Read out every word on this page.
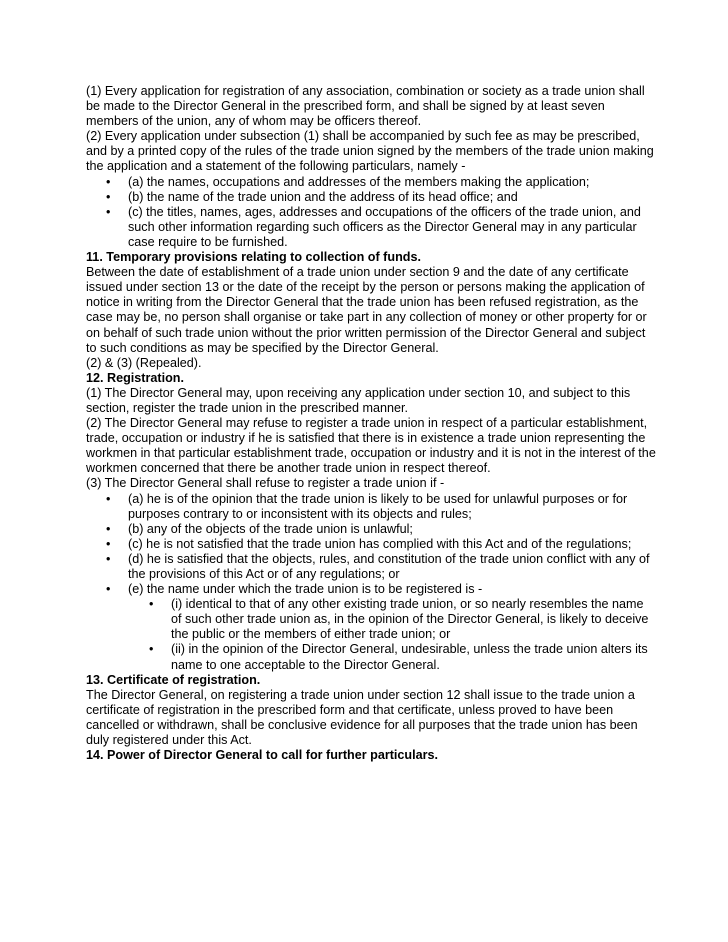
(1) Every application for registration of any association, combination or society as a trade union shall be made to the Director General in the prescribed form, and shall be signed by at least seven members of the union, any of whom may be officers thereof.

(2) Every application under subsection (1) shall be accompanied by such fee as may be prescribed, and by a printed copy of the rules of the trade union signed by the members of the trade union making the application and a statement of the following particulars, namely -

• (a) the names, occupations and addresses of the members making the application;
• (b) the name of the trade union and the address of its head office; and
• (c) the titles, names, ages, addresses and occupations of the officers of the trade union, and such other information regarding such officers as the Director General may in any particular case require to be furnished.

11. Temporary provisions relating to collection of funds.

Between the date of establishment of a trade union under section 9 and the date of any certificate issued under section 13 or the date of the receipt by the person or persons making the application of notice in writing from the Director General that the trade union has been refused registration, as the case may be, no person shall organise or take part in any collection of money or other property for or on behalf of such trade union without the prior written permission of the Director General and subject to such conditions as may be specified by the Director General.

(2) & (3) (Repealed).

12. Registration.

(1) The Director General may, upon receiving any application under section 10, and subject to this section, register the trade union in the prescribed manner.

(2) The Director General may refuse to register a trade union in respect of a particular establishment, trade, occupation or industry if he is satisfied that there is in existence a trade union representing the workmen in that particular establishment trade, occupation or industry and it is not in the interest of the workmen concerned that there be another trade union in respect thereof.

(3) The Director General shall refuse to register a trade union if -

• (a) he is of the opinion that the trade union is likely to be used for unlawful purposes or for purposes contrary to or inconsistent with its objects and rules;
• (b) any of the objects of the trade union is unlawful;
• (c) he is not satisfied that the trade union has complied with this Act and of the regulations;
• (d) he is satisfied that the objects, rules, and constitution of the trade union conflict with any of the provisions of this Act or of any regulations; or
• (e) the name under which the trade union is to be registered is -
• (i) identical to that of any other existing trade union, or so nearly resembles the name of such other trade union as, in the opinion of the Director General, is likely to deceive the public or the members of either trade union; or
• (ii) in the opinion of the Director General, undesirable, unless the trade union alters its name to one acceptable to the Director General.

13. Certificate of registration.

The Director General, on registering a trade union under section 12 shall issue to the trade union a certificate of registration in the prescribed form and that certificate, unless proved to have been cancelled or withdrawn, shall be conclusive evidence for all purposes that the trade union has been duly registered under this Act.

14. Power of Director General to call for further particulars.
